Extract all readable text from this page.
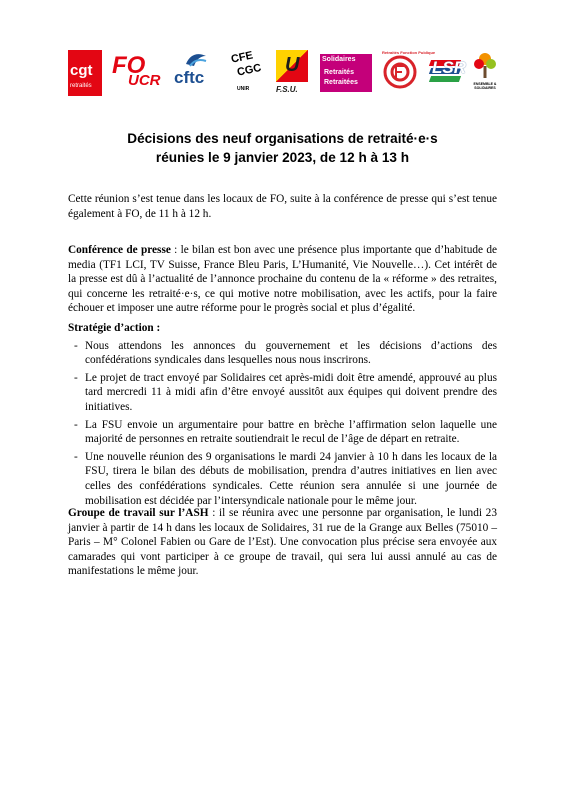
cgt
retraités
FO
UCR cftc
CFE
CGC
UNIR
U
F.S.U.
Solidaires
Retraités
Retraitées
Retraités Fonction Publique
LSR
ENSEMBLE & SOLIDAIRES
Décisions des neuf organisations de retraité·e·s
réunies le 9 janvier 2023, de 12 h à 13 h

Cette réunion s’est tenue dans les locaux de FO, suite à la conférence de presse qui s’est tenue également à FO, de 11 h à 12 h.

Conférence de presse : le bilan est bon avec une présence plus importante que d’habitude de media (TF1 LCI, TV Suisse, France Bleu Paris, L’Humanité, Vie Nouvelle…). Cet intérêt de la presse est dû à l’actualité de l’annonce prochaine du contenu de la « réforme » des retraites, qui concerne les retraité·e·s, ce qui motive notre mobilisation, avec les actifs, pour la faire échouer et imposer une autre réforme pour le progrès social et plus d’égalité.

Stratégie d’action :

- Nous attendons les annonces du gouvernement et les décisions d’actions des confédérations syndicales dans lesquelles nous nous inscrirons.
- Le projet de tract envoyé par Solidaires cet après-midi doit être amendé, approuvé au plus tard mercredi 11 à midi afin d’être envoyé aussitôt aux équipes qui doivent prendre des initiatives.
- La FSU envoie un argumentaire pour battre en brèche l’affirmation selon laquelle une majorité de personnes en retraite soutiendrait le recul de l’âge de départ en retraite.
- Une nouvelle réunion des 9 organisations le mardi 24 janvier à 10 h dans les locaux de la FSU, tirera le bilan des débuts de mobilisation, prendra d’autres initiatives en lien avec celles des confédérations syndicales. Cette réunion sera annulée si une journée de mobilisation est décidée par l’intersyndicale nationale pour le même jour.

Groupe de travail sur l’ASH : il se réunira avec une personne par organisation, le lundi 23 janvier à partir de 14 h dans les locaux de Solidaires, 31 rue de la Grange aux Belles (75010 – Paris – M° Colonel Fabien ou Gare de l’Est). Une convocation plus précise sera envoyée aux camarades qui vont participer à ce groupe de travail, qui sera lui aussi annulé au cas de manifestations le même jour.
